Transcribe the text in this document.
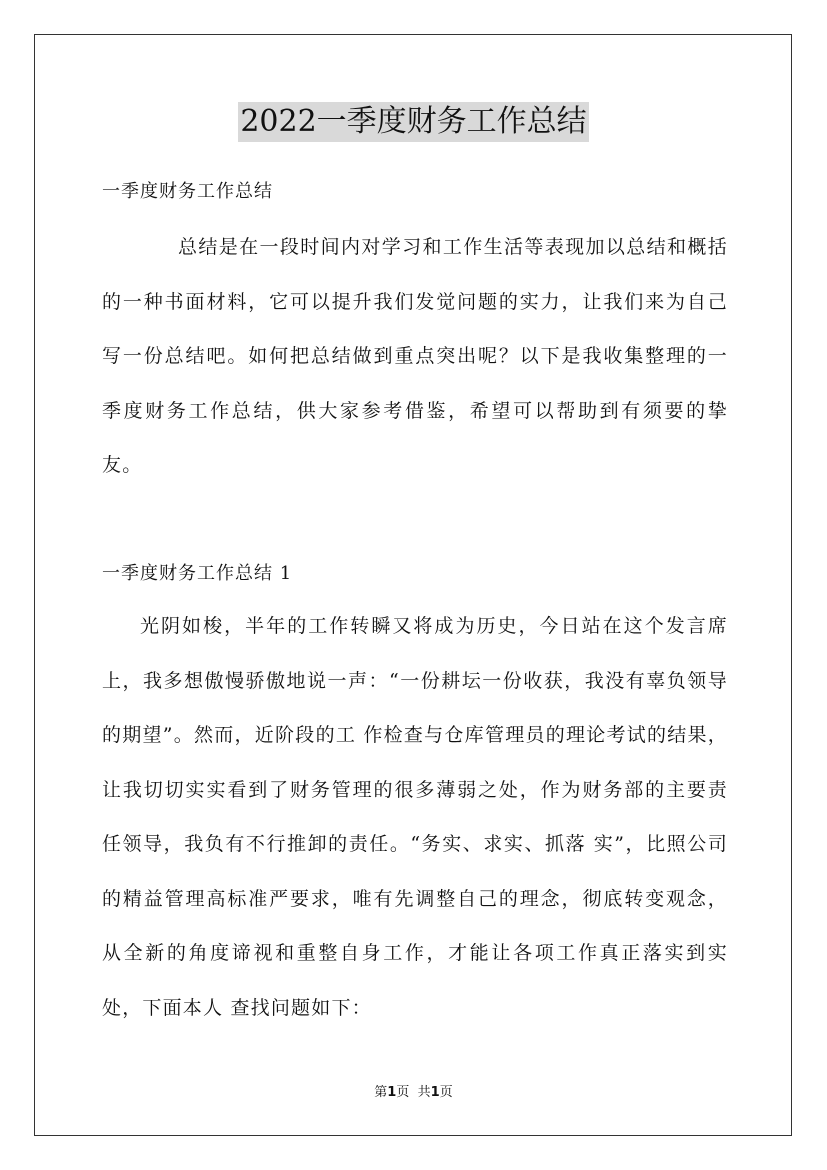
2022一季度财务工作总结
一季度财务工作总结

总结是在一段时间内对学习和工作生活等表现加以总结和概括的一种书面材料，它可以提升我们发觉问题的实力，让我们来为自己写一份总结吧。如何把总结做到重点突出呢？以下是我收集整理的一季度财务工作总结，供大家参考借鉴，希望可以帮助到有须要的挚友。

一季度财务工作总结 1

光阴如梭，半年的工作转瞬又将成为历史，今日站在这个发言席上，我多想傲慢骄傲地说一声：“一份耕坛一份收获，我没有辜负领导的期望”。然而，近阶段的工 作检查与仓库管理员的理论考试的结果，让我切切实实看到了财务管理的很多薄弱之处，作为财务部的主要责任领导，我负有不行推卸的责任。“务实、求实、抓落 实”，比照公司的精益管理高标准严要求，唯有先调整自己的理念，彻底转变观念，从全新的角度谛视和重整自身工作，才能让各项工作真正落实到实处，下面本人 查找问题如下：

第1页 共1页
